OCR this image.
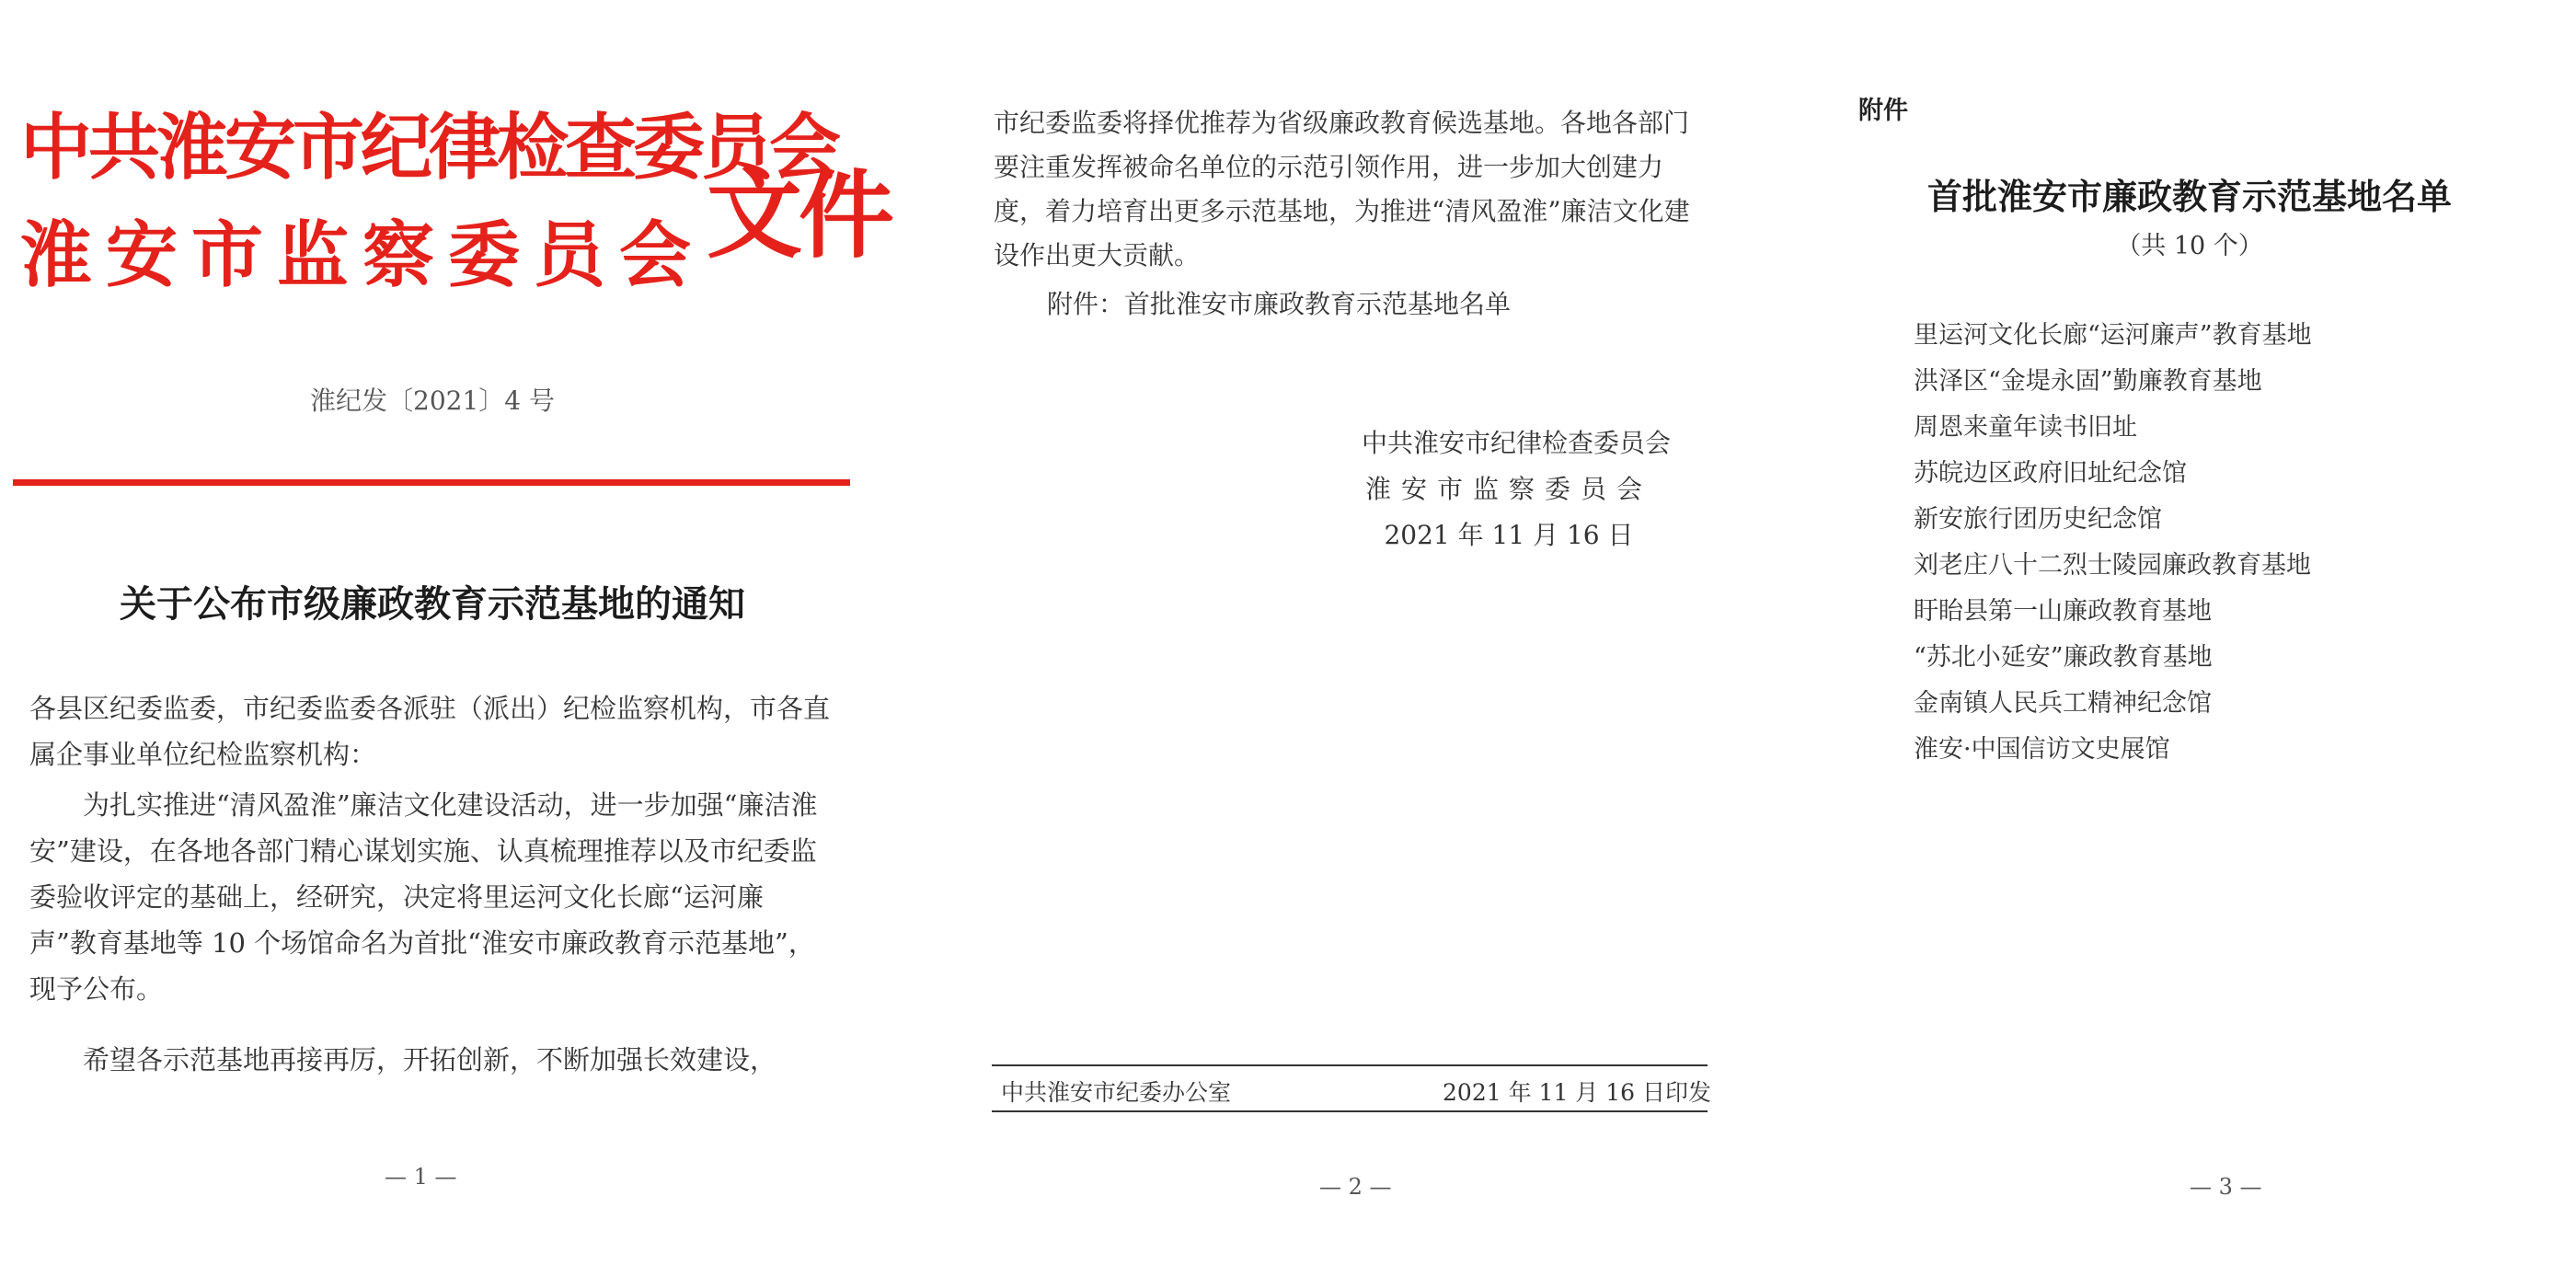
中共淮安市纪律检查委员会
淮安市监察委员会 文件
淮纪发〔2021〕4 号
关于公布市级廉政教育示范基地的通知

各县区纪委监委，市纪委监委各派驻（派出）纪检监察机构，市各直属企事业单位纪检监察机构：

为扎实推进“清风盈淮”廉洁文化建设活动，进一步加强“廉洁淮安”建设，在各地各部门精心谋划实施、认真梳理推荐以及市纪委监委验收评定的基础上，经研究，决定将里运河文化长廊“运河廉声”教育基地等 10 个场馆命名为首批“淮安市廉政教育示范基地”，现予公布。

希望各示范基地再接再厉，开拓创新，不断加强长效建设，

— 1 —

市纪委监委将择优推荐为省级廉政教育候选基地。各地各部门要注重发挥被命名单位的示范引领作用，进一步加大创建力度，着力培育出更多示范基地，为推进“清风盈淮”廉洁文化建设作出更大贡献。

附件：首批淮安市廉政教育示范基地名单
中共淮安市纪律检查委员会
淮安市监察委员会
2021 年 11 月 16 日
中共淮安市纪委办公室	2021 年 11 月 16 日印发
— 2 —
附件
首批淮安市廉政教育示范基地名单
（共 10 个）
里运河文化长廊“运河廉声”教育基地
洪泽区“金堤永固”勤廉教育基地
周恩来童年读书旧址
苏皖边区政府旧址纪念馆
新安旅行团历史纪念馆
刘老庄八十二烈士陵园廉政教育基地
盱眙县第一山廉政教育基地
“苏北小延安”廉政教育基地
金南镇人民兵工精神纪念馆
淮安·中国信访文史展馆
— 3 —
